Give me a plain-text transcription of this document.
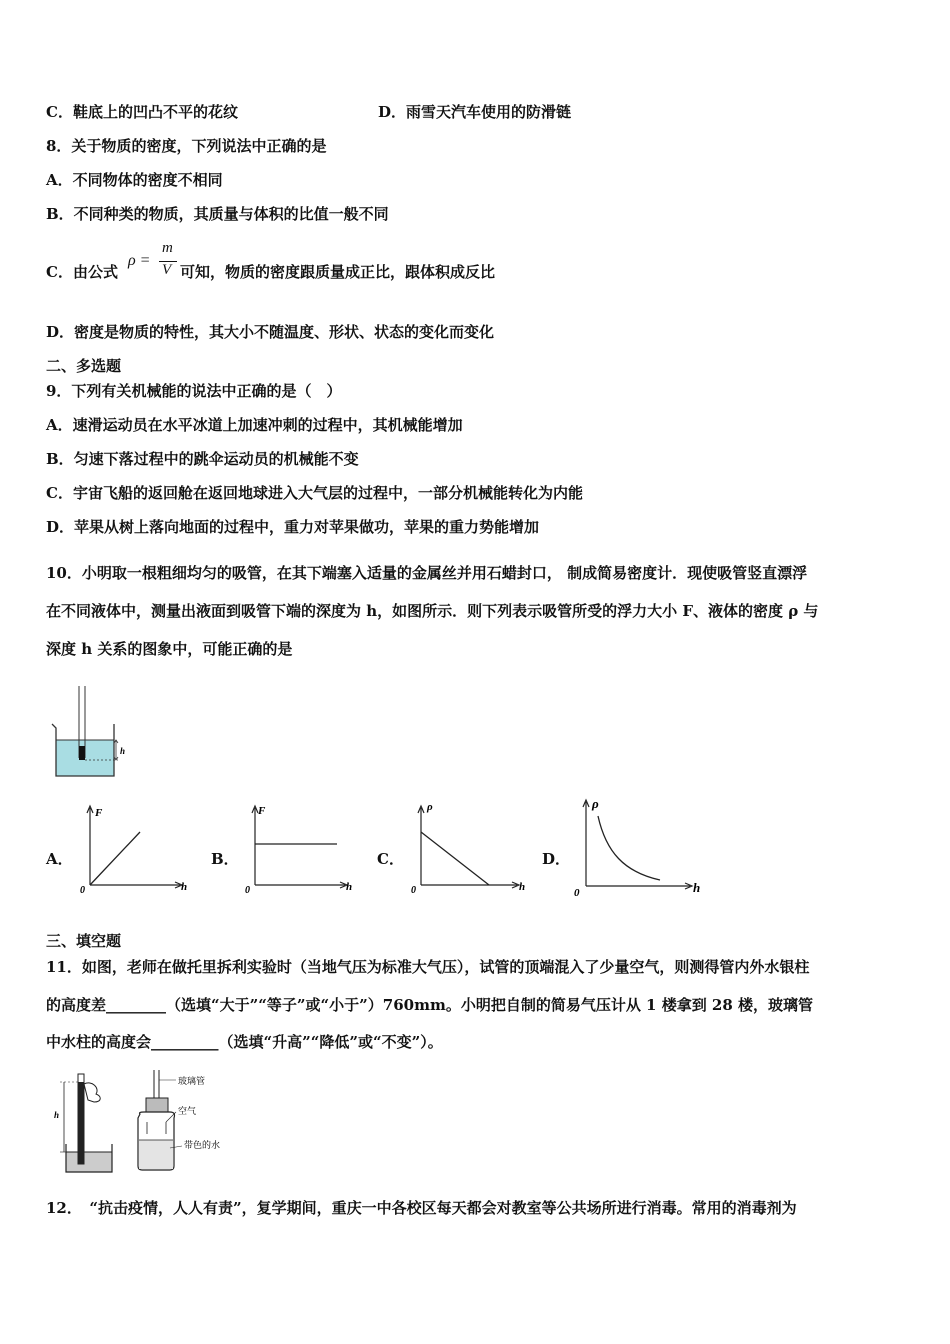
C．鞋底上的凹凸不平的花纹	D．雨雪天汽车使用的防滑链
8．关于物质的密度，下列说法中正确的是
A．不同物体的密度不相同
B．不同种类的物质，其质量与体积的比值一般不同
C．由公式
ρ =
m
V 可知，物质的密度跟质量成正比，跟体积成反比
D．密度是物质的特性，其大小不随温度、形状、状态的变化而变化
二、多选题
9．下列有关机械能的说法中正确的是（　）
A．速滑运动员在水平冰道上加速冲刺的过程中，其机械能增加
B．匀速下落过程中的跳伞运动员的机械能不变
C．宇宙飞船的返回舱在返回地球进入大气层的过程中，一部分机械能转化为内能
D．苹果从树上落向地面的过程中，重力对苹果做功，苹果的重力势能增加
10．小明取一根粗细均匀的吸管，在其下端塞入适量的金属丝并用石蜡封口， 制成简易密度计．现使吸管竖直漂浮
在不同液体中，测量出液面到吸管下端的深度为 h，如图所示．则下列表示吸管所受的浮力大小 F、液体的密度 ρ 与
深度 h 关系的图象中，可能正确的是
h
A．
F
h
0
B．
F
h
0
C．
ρ
h
0
D．
ρ
h
0
三、填空题
11．如图，老师在做托里拆利实验时（当地气压为标准大气压），试管的顶端混入了少量空气，则测得管内外水银柱
的高度差________（选填“大于”“等子”或“小于”）760mm。小明把自制的简易气压计从 1 楼拿到 28 楼，玻璃管
中水柱的高度会_________（选填“升高”“降低”或“不变”）。
h
玻璃管
空气
带色的水
12．　“抗击疫情，人人有责”，复学期间，重庆一中各校区每天都会对教室等公共场所进行消毒。常用的消毒剂为
